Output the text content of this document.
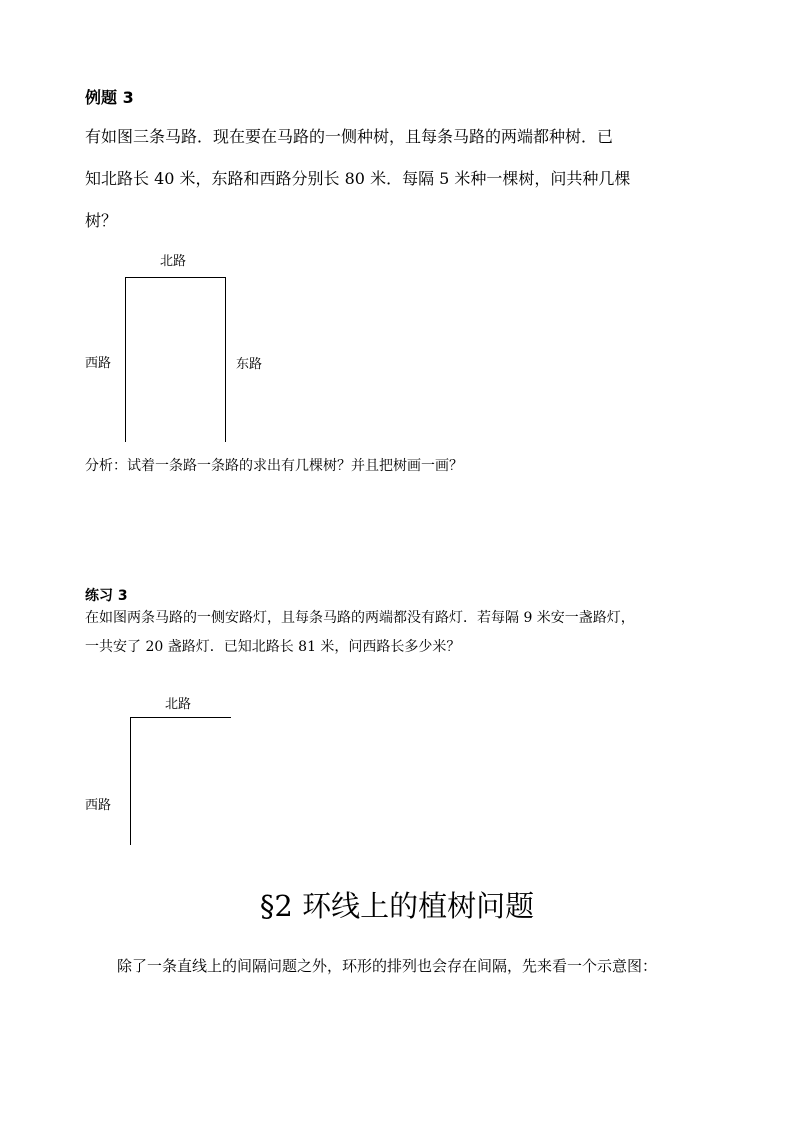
例题 3
有如图三条马路．现在要在马路的一侧种树，且每条马路的两端都种树．已
知北路长 40 米，东路和西路分别长 80 米．每隔 5 米种一棵树，问共种几棵
树？
北路
西路	东路
分析：试着一条路一条路的求出有几棵树？并且把树画一画？
练习 3
在如图两条马路的一侧安路灯，且每条马路的两端都没有路灯．若每隔 9 米安一盏路灯，
一共安了 20 盏路灯．已知北路长 81 米，问西路长多少米？
北路
西路
§2 环线上的植树问题
除了一条直线上的间隔问题之外，环形的排列也会存在间隔，先来看一个示意图：
